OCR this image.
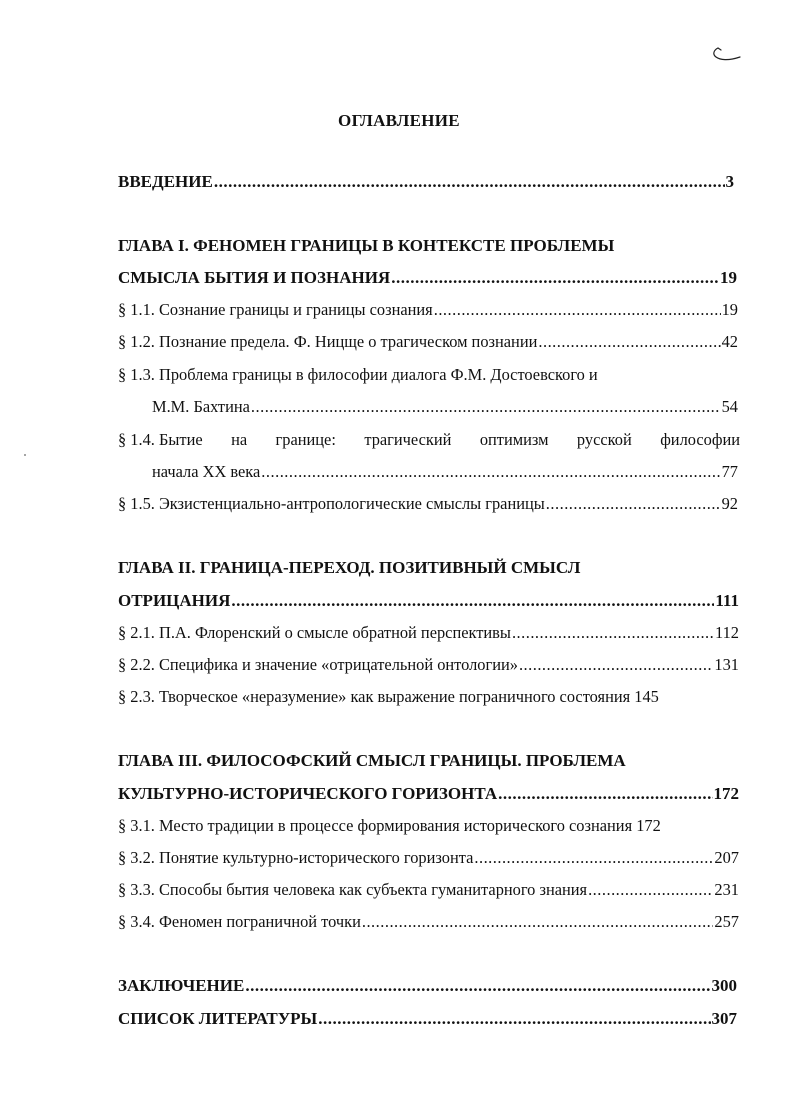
ОГЛАВЛЕНИЕ
ВВЕДЕНИЕ .....	3
ГЛАВА I. ФЕНОМЕН ГРАНИЦЫ В КОНТЕКСТЕ ПРОБЛЕМЫ
СМЫСЛА БЫТИЯ И ПОЗНАНИЯ .....	19
§ 1.1. Сознание границы и границы сознания .....	19
§ 1.2. Познание предела. Ф. Ницще о трагическом познании .....	42
§ 1.3. Проблема границы в философии диалога Ф.М. Достоевского и
М.М. Бахтина .....	54
§ 1.4. Бытие на границе: трагический оптимизм русской философии
начала XX века .....	77
§ 1.5. Экзистенциально-антропологические смыслы границы .....	92
ГЛАВА II. ГРАНИЦА-ПЕРЕХОД. ПОЗИТИВНЫЙ СМЫСЛ
ОТРИЦАНИЯ .....	111
§ 2.1. П.А. Флоренский о смысле обратной перспективы .....	112
§ 2.2. Специфика и значение «отрицательной онтологии» .....	131
§ 2.3. Творческое «неразумение» как выражение пограничного состояния 145
ГЛАВА III. ФИЛОСОФСКИЙ СМЫСЛ ГРАНИЦЫ. ПРОБЛЕМА
КУЛЬТУРНО-ИСТОРИЧЕСКОГО ГОРИЗОНТА .....	172
§ 3.1. Место традиции в процессе формирования исторического сознания 172
§ 3.2. Понятие культурно-исторического горизонта .....	207
§ 3.3. Способы бытия человека как субъекта гуманитарного знания .....	231
§ 3.4. Феномен пограничной точки .....	257
ЗАКЛЮЧЕНИЕ .....	300
СПИСОК ЛИТЕРАТУРЫ .....	307
